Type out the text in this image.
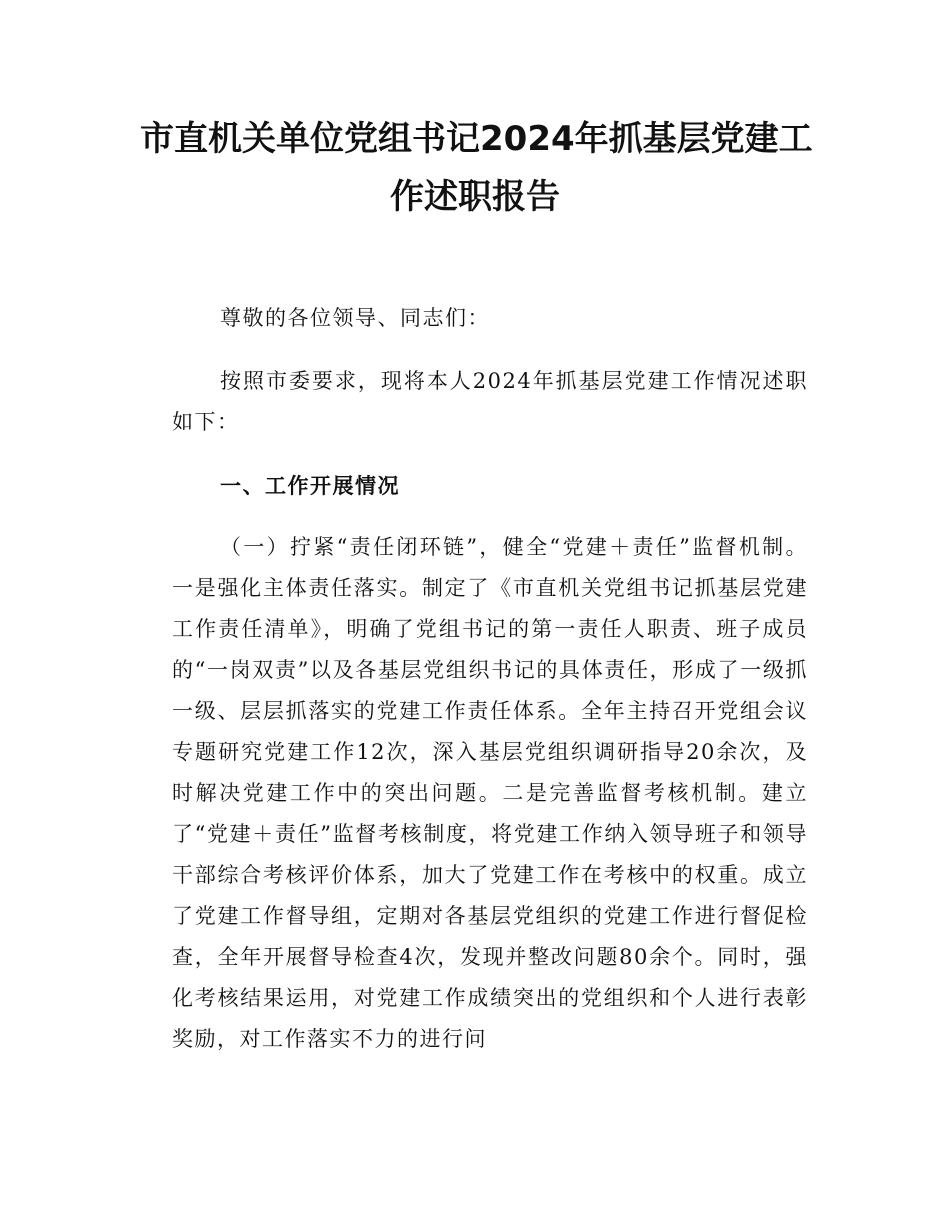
市直机关单位党组书记2024年抓基层党建工
作述职报告

尊敬的各位领导、同志们：

按照市委要求，现将本人2024年抓基层党建工作情况述职如下：

一、工作开展情况

（一）拧紧“责任闭环链”，健全“党建＋责任”监督机制。一是强化主体责任落实。制定了《市直机关党组书记抓基层党建工作责任清单》，明确了党组书记的第一责任人职责、班子成员的“一岗双责”以及各基层党组织书记的具体责任，形成了一级抓一级、层层抓落实的党建工作责任体系。全年主持召开党组会议专题研究党建工作12次，深入基层党组织调研指导20余次，及时解决党建工作中的突出问题。二是完善监督考核机制。建立了“党建＋责任”监督考核制度，将党建工作纳入领导班子和领导干部综合考核评价体系，加大了党建工作在考核中的权重。成立了党建工作督导组，定期对各基层党组织的党建工作进行督促检查，全年开展督导检查4次，发现并整改问题80余个。同时，强化考核结果运用，对党建工作成绩突出的党组织和个人进行表彰奖励，对工作落实不力的进行问
